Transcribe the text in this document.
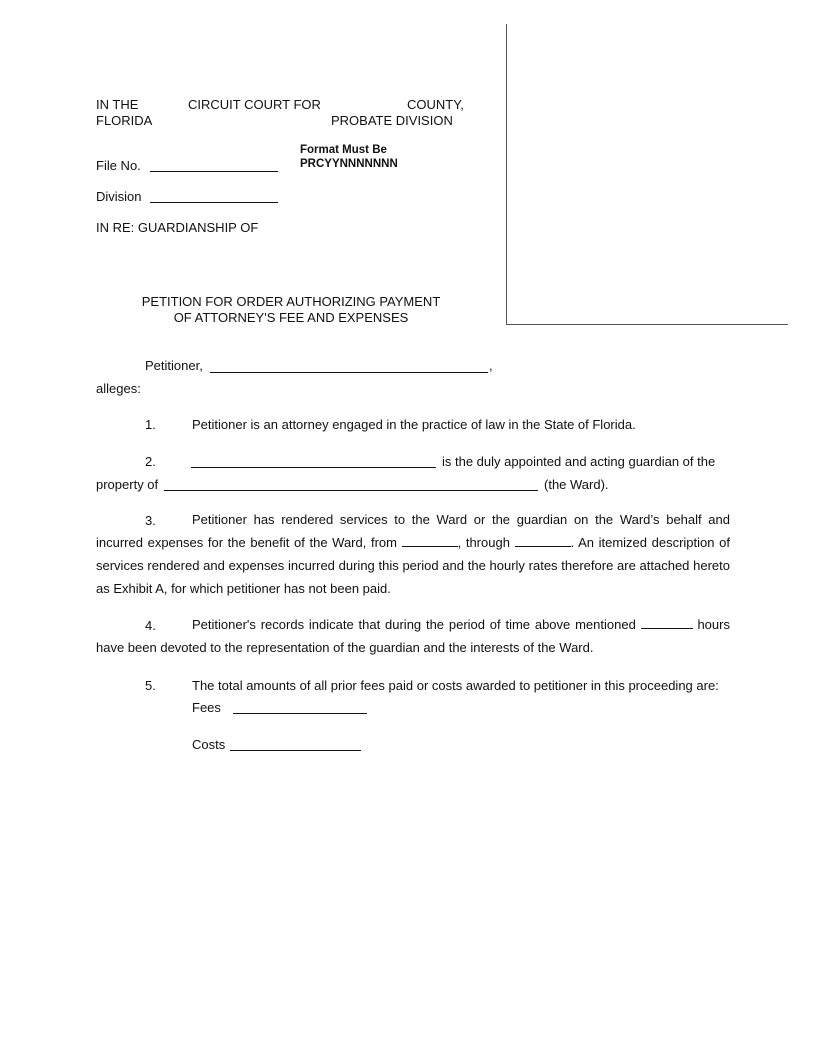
IN THE	CIRCUIT COURT FOR	COUNTY,
FLORIDA	PROBATE DIVISION
Format Must Be
PRCYYNNNNNNN
File No.
Division
IN RE: GUARDIANSHIP OF
PETITION FOR ORDER AUTHORIZING PAYMENT
OF ATTORNEY'S FEE AND EXPENSES
Petitioner,	,
alleges:
1.	Petitioner is an attorney engaged in the practice of law in the State of Florida.
2.	is the duly appointed and acting guardian of the
property of	(the Ward).
3.	Petitioner has rendered services to the Ward or the guardian on the Ward’s behalf and incurred expenses for the benefit of the Ward, from	, through	. An itemized description of services rendered and expenses incurred during this period and the hourly rates therefore are attached hereto as Exhibit A, for which petitioner has not been paid.
4.	Petitioner's records indicate that during the period of time above mentioned	hours have been devoted to the representation of the guardian and the interests of the Ward.
5.	The total amounts of all prior fees paid or costs awarded to petitioner in this proceeding are:
Fees
Costs
